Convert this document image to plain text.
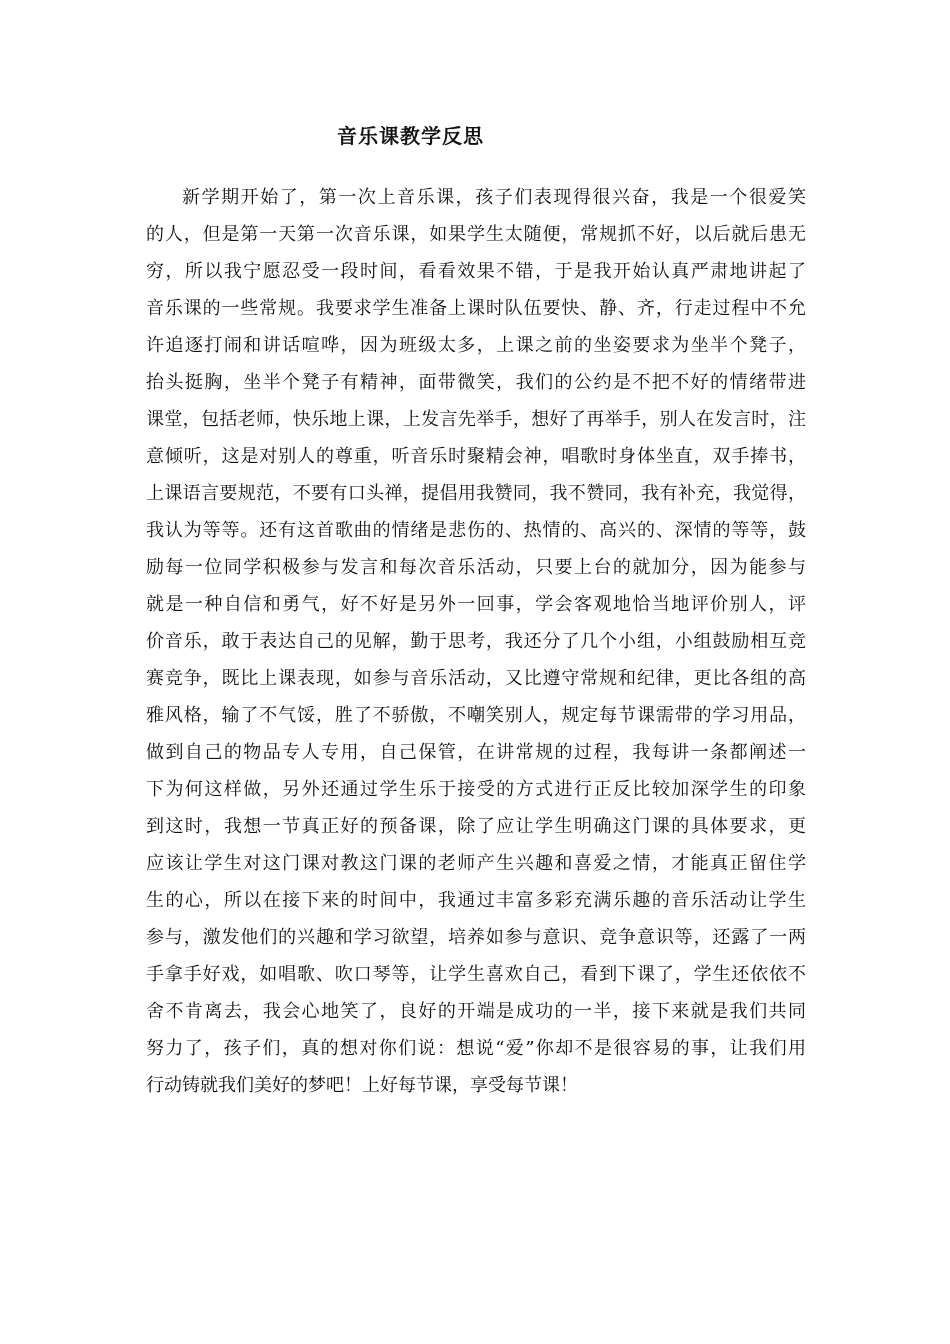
音乐课教学反思
新学期开始了，第一次上音乐课，孩子们表现得很兴奋，我是一个很爱笑
的人，但是第一天第一次音乐课，如果学生太随便，常规抓不好，以后就后患无
穷，所以我宁愿忍受一段时间，看看效果不错，于是我开始认真严肃地讲起了
音乐课的一些常规。我要求学生准备上课时队伍要快、静、齐，行走过程中不允
许追逐打闹和讲话喧哗，因为班级太多，上课之前的坐姿要求为坐半个凳子，
抬头挺胸，坐半个凳子有精神，面带微笑，我们的公约是不把不好的情绪带进
课堂，包括老师，快乐地上课，上发言先举手，想好了再举手，别人在发言时，注
意倾听，这是对别人的尊重，听音乐时聚精会神，唱歌时身体坐直，双手捧书，
上课语言要规范，不要有口头禅，提倡用我赞同，我不赞同，我有补充，我觉得，
我认为等等。还有这首歌曲的情绪是悲伤的、热情的、高兴的、深情的等等，鼓
励每一位同学积极参与发言和每次音乐活动，只要上台的就加分，因为能参与
就是一种自信和勇气，好不好是另外一回事，学会客观地恰当地评价别人，评
价音乐，敢于表达自己的见解，勤于思考，我还分了几个小组，小组鼓励相互竞
赛竞争，既比上课表现，如参与音乐活动，又比遵守常规和纪律，更比各组的高
雅风格，输了不气馁，胜了不骄傲，不嘲笑别人，规定每节课需带的学习用品，
做到自己的物品专人专用，自己保管，在讲常规的过程，我每讲一条都阐述一
下为何这样做，另外还通过学生乐于接受的方式进行正反比较加深学生的印象
到这时，我想一节真正好的预备课，除了应让学生明确这门课的具体要求，更
应该让学生对这门课对教这门课的老师产生兴趣和喜爱之情，才能真正留住学
生的心，所以在接下来的时间中，我通过丰富多彩充满乐趣的音乐活动让学生
参与，激发他们的兴趣和学习欲望，培养如参与意识、竞争意识等，还露了一两
手拿手好戏，如唱歌、吹口琴等，让学生喜欢自己，看到下课了，学生还依依不
舍不肯离去，我会心地笑了，良好的开端是成功的一半，接下来就是我们共同
努力了，孩子们，真的想对你们说：想说“爱”你却不是很容易的事，让我们用
行动铸就我们美好的梦吧！上好每节课，享受每节课！
